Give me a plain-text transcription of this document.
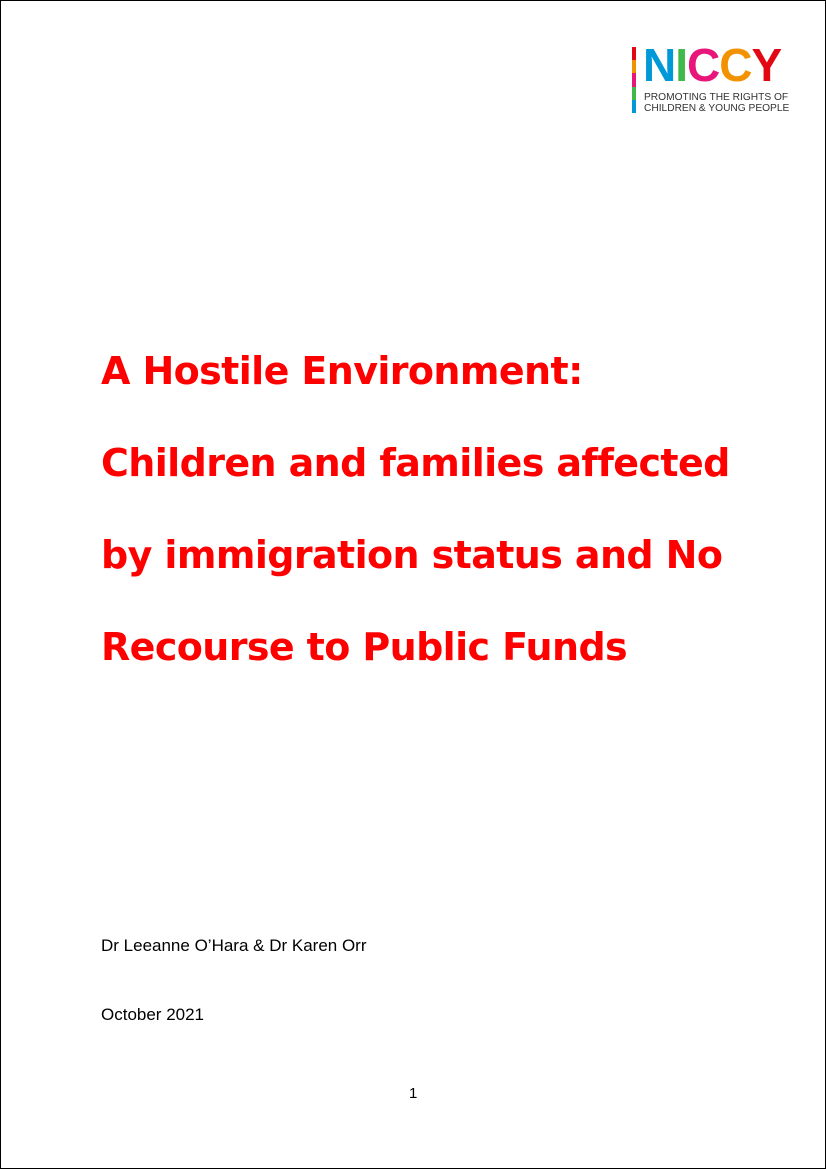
NICCY
PROMOTING THE RIGHTS OF
CHILDREN & YOUNG PEOPLE
A Hostile Environment:
Children and families affected
by immigration status and No
Recourse to Public Funds
Dr Leeanne O’Hara & Dr Karen Orr
October 2021
1
